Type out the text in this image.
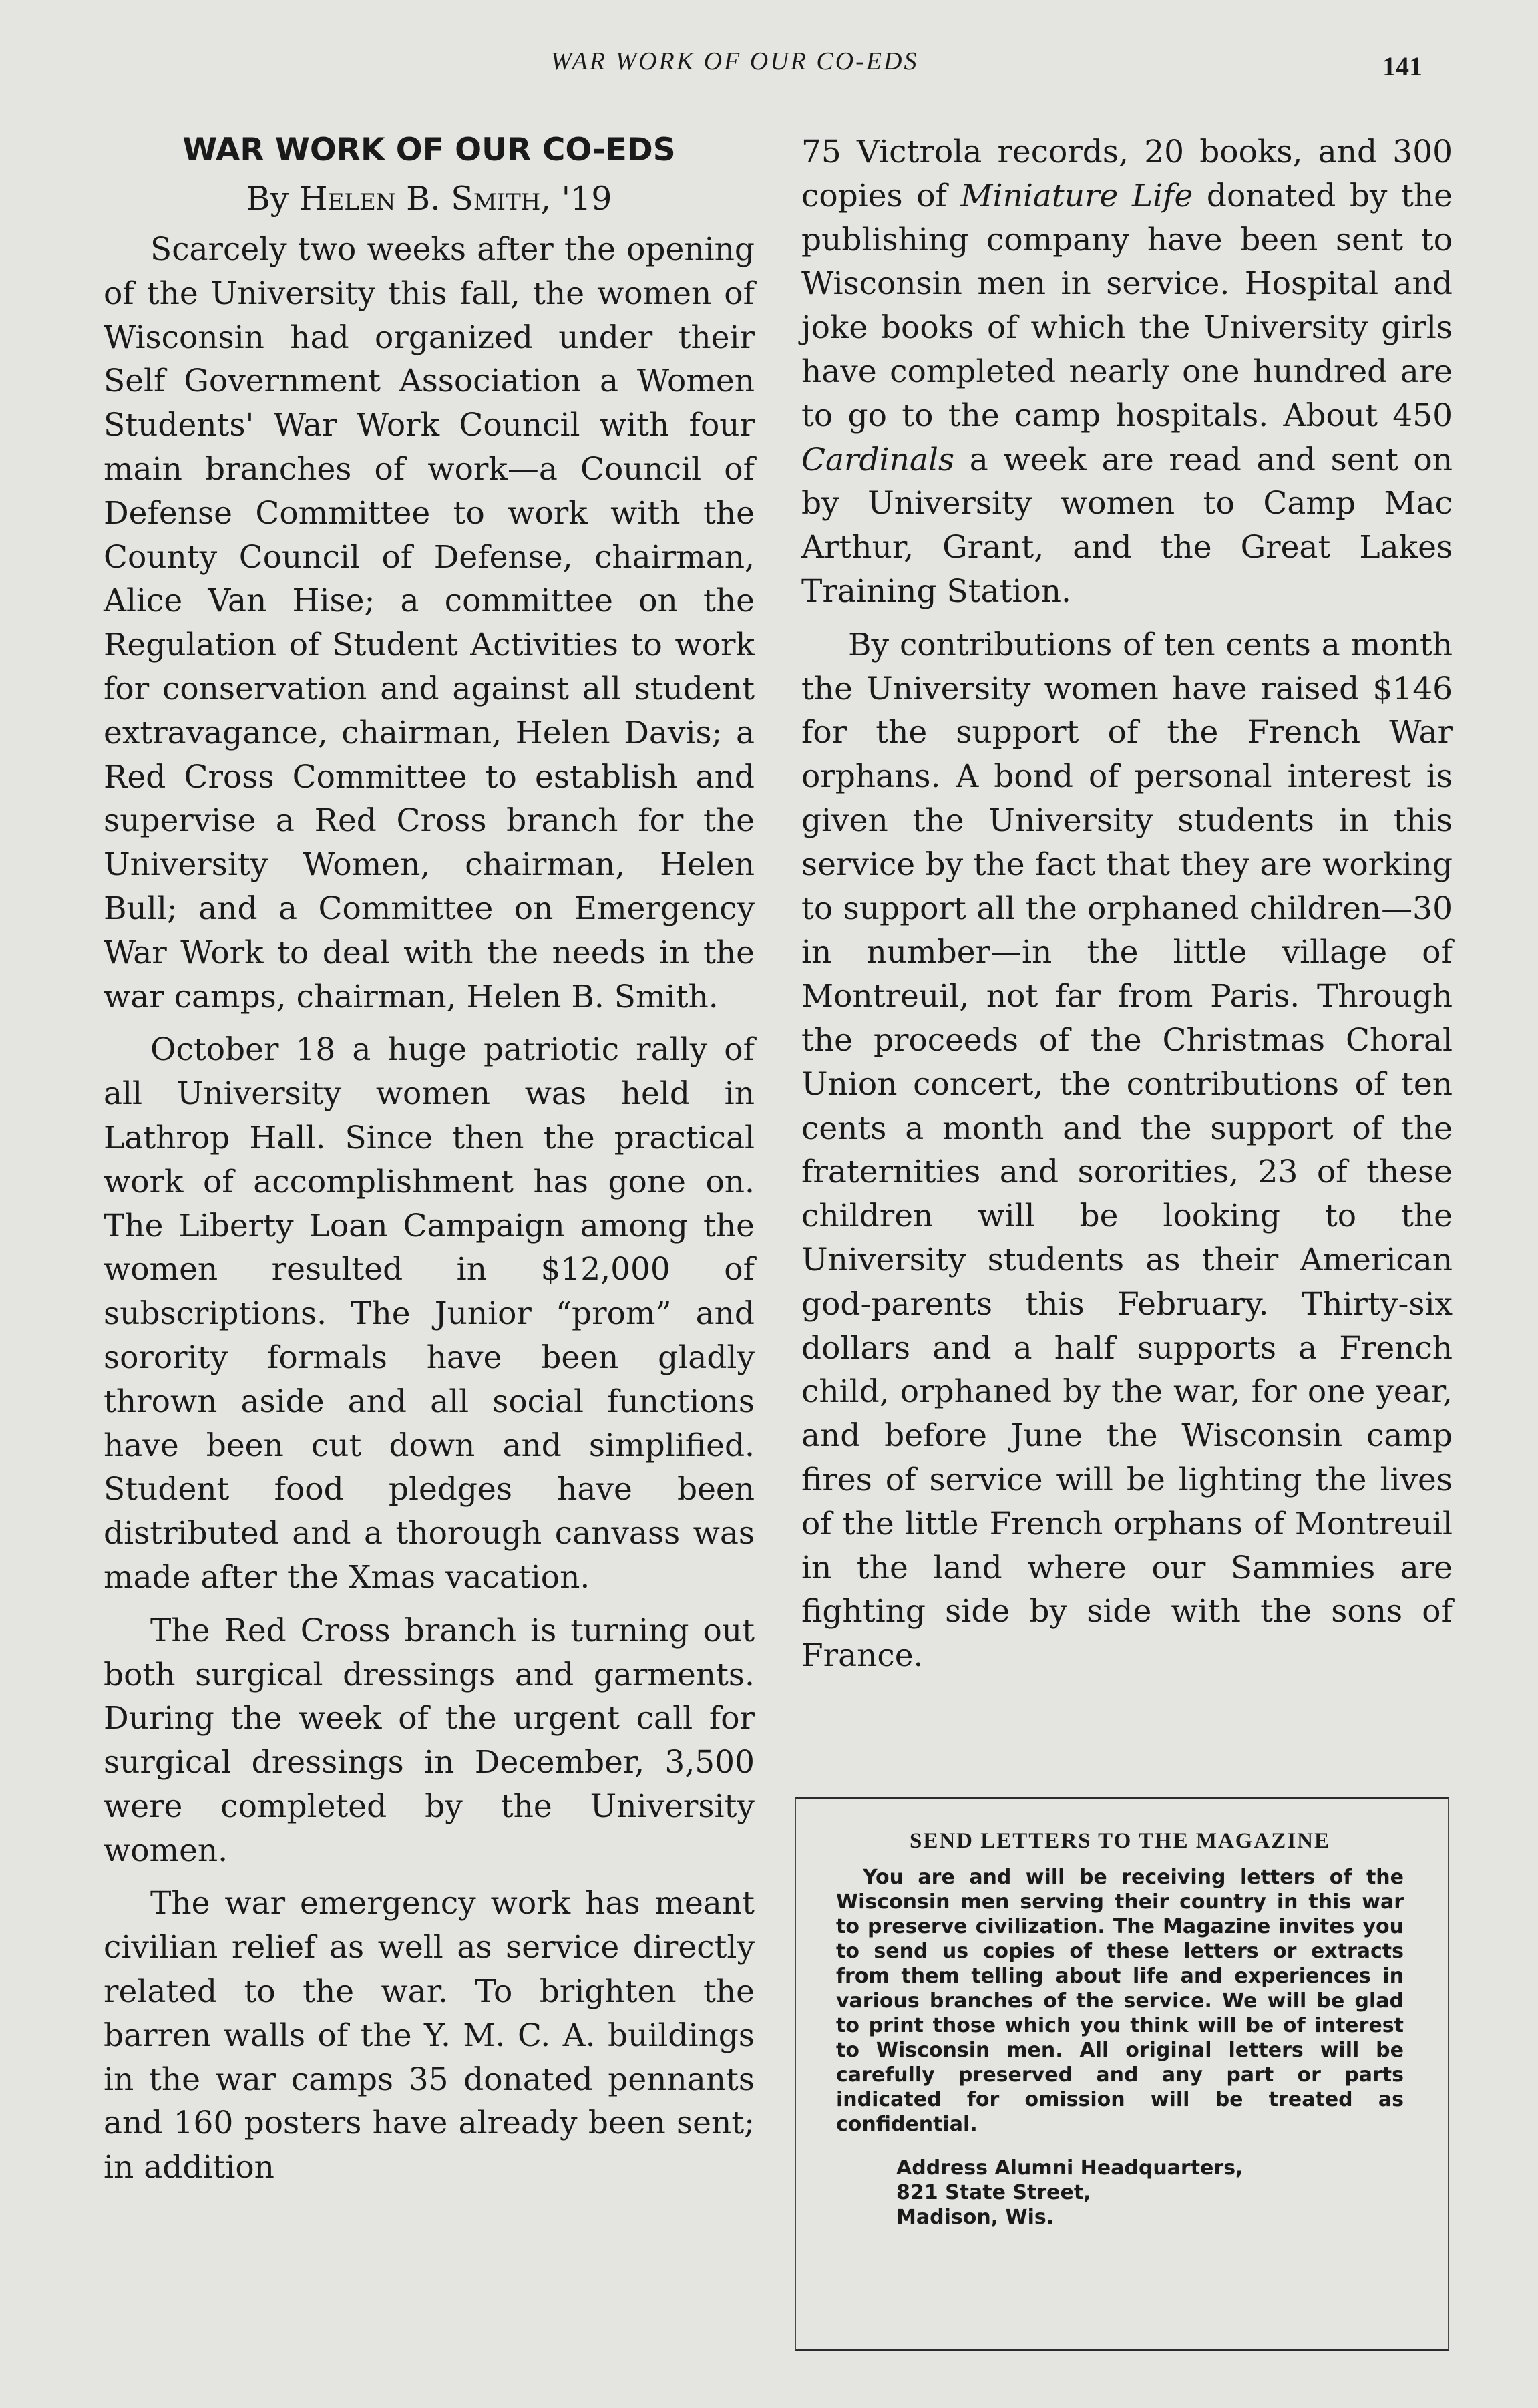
WAR WORK OF OUR CO-EDS	141
WAR WORK OF OUR CO-EDS
By Helen B. Smith, '19

Scarcely two weeks after the opening of the University this fall, the women of Wisconsin had organized under their Self Government Association a Women Students' War Work Council with four main branches of work—a Council of Defense Committee to work with the County Council of Defense, chairman, Alice Van Hise; a committee on the Regulation of Student Activities to work for conservation and against all student extravagance, chairman, Helen Davis; a Red Cross Committee to establish and supervise a Red Cross branch for the University Women, chairman, Helen Bull; and a Committee on Emergency War Work to deal with the needs in the war camps, chairman, Helen B. Smith.

October 18 a huge patriotic rally of all University women was held in Lathrop Hall. Since then the practical work of accomplishment has gone on. The Liberty Loan Campaign among the women resulted in $12,000 of subscriptions. The Junior “prom” and sorority formals have been gladly thrown aside and all social functions have been cut down and simplified. Student food pledges have been distributed and a thorough canvass was made after the Xmas vacation.

The Red Cross branch is turning out both surgical dressings and garments. During the week of the urgent call for surgical dressings in December, 3,500 were completed by the University women.

The war emergency work has meant civilian relief as well as service directly related to the war. To brighten the barren walls of the Y. M. C. A. buildings in the war camps 35 donated pennants and 160 posters have already been sent; in addition

75 Victrola records, 20 books, and 300 copies of Miniature Life donated by the publishing company have been sent to Wisconsin men in service. Hospital and joke books of which the University girls have completed nearly one hundred are to go to the camp hospitals. About 450 Cardinals a week are read and sent on by University women to Camp Mac Arthur, Grant, and the Great Lakes Training Station.

By contributions of ten cents a month the University women have raised $146 for the support of the French War orphans. A bond of personal interest is given the University students in this service by the fact that they are working to support all the orphaned children—30 in number—in the little village of Montreuil, not far from Paris. Through the proceeds of the Christmas Choral Union concert, the contributions of ten cents a month and the support of the fraternities and sororities, 23 of these children will be looking to the University students as their American god-parents this February. Thirty-six dollars and a half supports a French child, orphaned by the war, for one year, and before June the Wisconsin camp fires of service will be lighting the lives of the little French orphans of Montreuil in the land where our Sammies are fighting side by side with the sons of France.

SEND LETTERS TO THE MAGAZINE
You are and will be receiving letters of the Wisconsin men serving their country in this war to preserve civilization. The Magazine invites you to send us copies of these letters or extracts from them telling about life and experiences in various branches of the service. We will be glad to print those which you think will be of interest to Wisconsin men. All original letters will be carefully preserved and any part or parts indicated for omission will be treated as confidential.
Address Alumni Headquarters,
821 State Street,
Madison, Wis.
